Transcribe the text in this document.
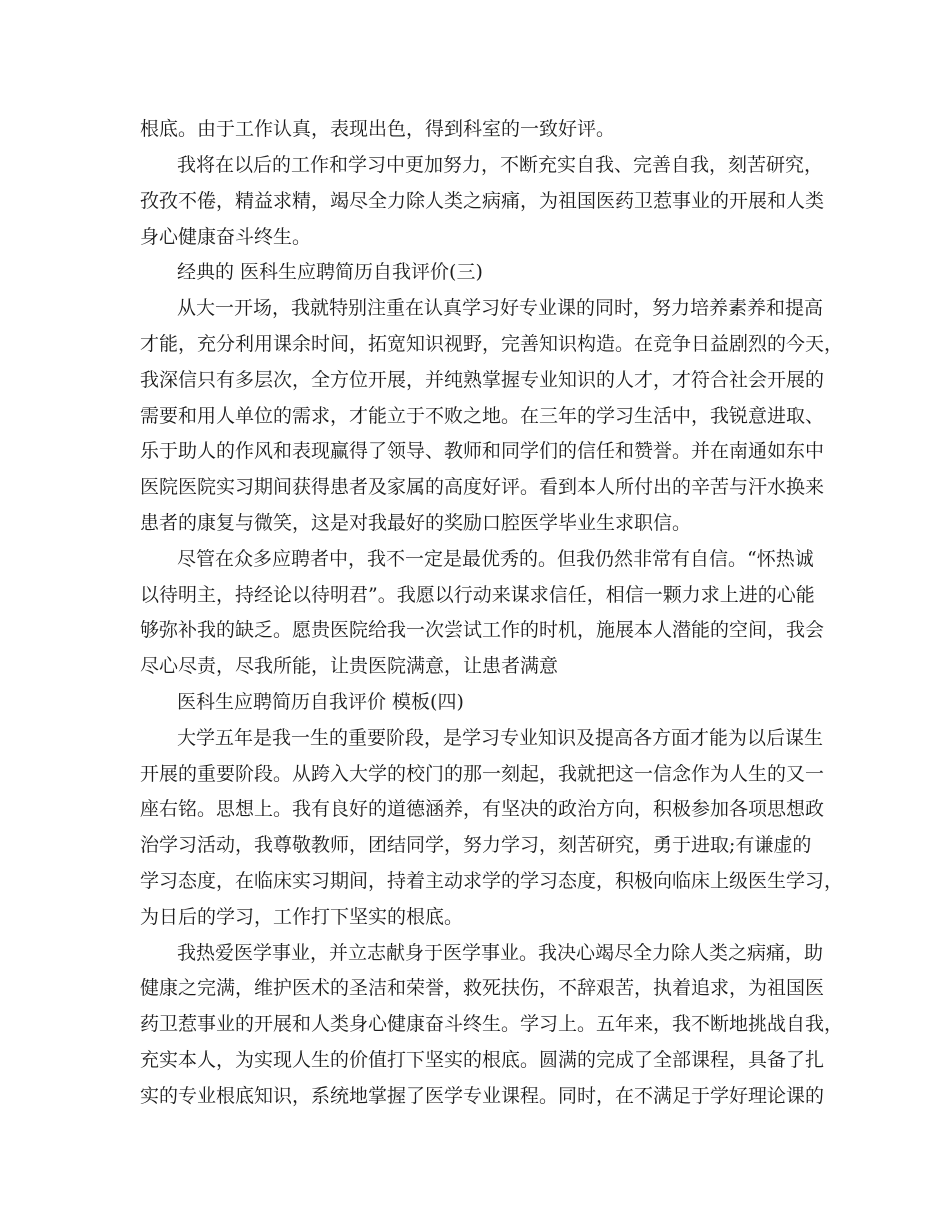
根底。由于工作认真，表现出色，得到科室的一致好评。
我将在以后的工作和学习中更加努力，不断充实自我、完善自我，刻苦研究，
孜孜不倦，精益求精，竭尽全力除人类之病痛，为祖国医药卫惹事业的开展和人类
身心健康奋斗终生。
经典的 医科生应聘简历自我评价(三)
从大一开场，我就特别注重在认真学习好专业课的同时，努力培养素养和提高
才能，充分利用课余时间，拓宽知识视野，完善知识构造。在竞争日益剧烈的今天，
我深信只有多层次，全方位开展，并纯熟掌握专业知识的人才，才符合社会开展的
需要和用人单位的需求，才能立于不败之地。在三年的学习生活中，我锐意进取、
乐于助人的作风和表现赢得了领导、教师和同学们的信任和赞誉。并在南通如东中
医院医院实习期间获得患者及家属的高度好评。看到本人所付出的辛苦与汗水换来
患者的康复与微笑，这是对我最好的奖励口腔医学毕业生求职信。
尽管在众多应聘者中，我不一定是最优秀的。但我仍然非常有自信。“怀热诚
以待明主，持经论以待明君”。我愿以行动来谋求信任，相信一颗力求上进的心能
够弥补我的缺乏。愿贵医院给我一次尝试工作的时机，施展本人潜能的空间，我会
尽心尽责，尽我所能，让贵医院满意，让患者满意
医科生应聘简历自我评价 模板(四)
大学五年是我一生的重要阶段，是学习专业知识及提高各方面才能为以后谋生
开展的重要阶段。从跨入大学的校门的那一刻起，我就把这一信念作为人生的又一
座右铭。思想上。我有良好的道德涵养，有坚决的政治方向，积极参加各项思想政
治学习活动，我尊敬教师，团结同学，努力学习，刻苦研究，勇于进取;有谦虚的
学习态度，在临床实习期间，持着主动求学的学习态度，积极向临床上级医生学习，
为日后的学习，工作打下坚实的根底。
我热爱医学事业，并立志献身于医学事业。我决心竭尽全力除人类之病痛，助
健康之完满，维护医术的圣洁和荣誉，救死扶伤，不辞艰苦，执着追求，为祖国医
药卫惹事业的开展和人类身心健康奋斗终生。学习上。五年来，我不断地挑战自我，
充实本人，为实现人生的价值打下坚实的根底。圆满的完成了全部课程，具备了扎
实的专业根底知识，系统地掌握了医学专业课程。同时，在不满足于学好理论课的
